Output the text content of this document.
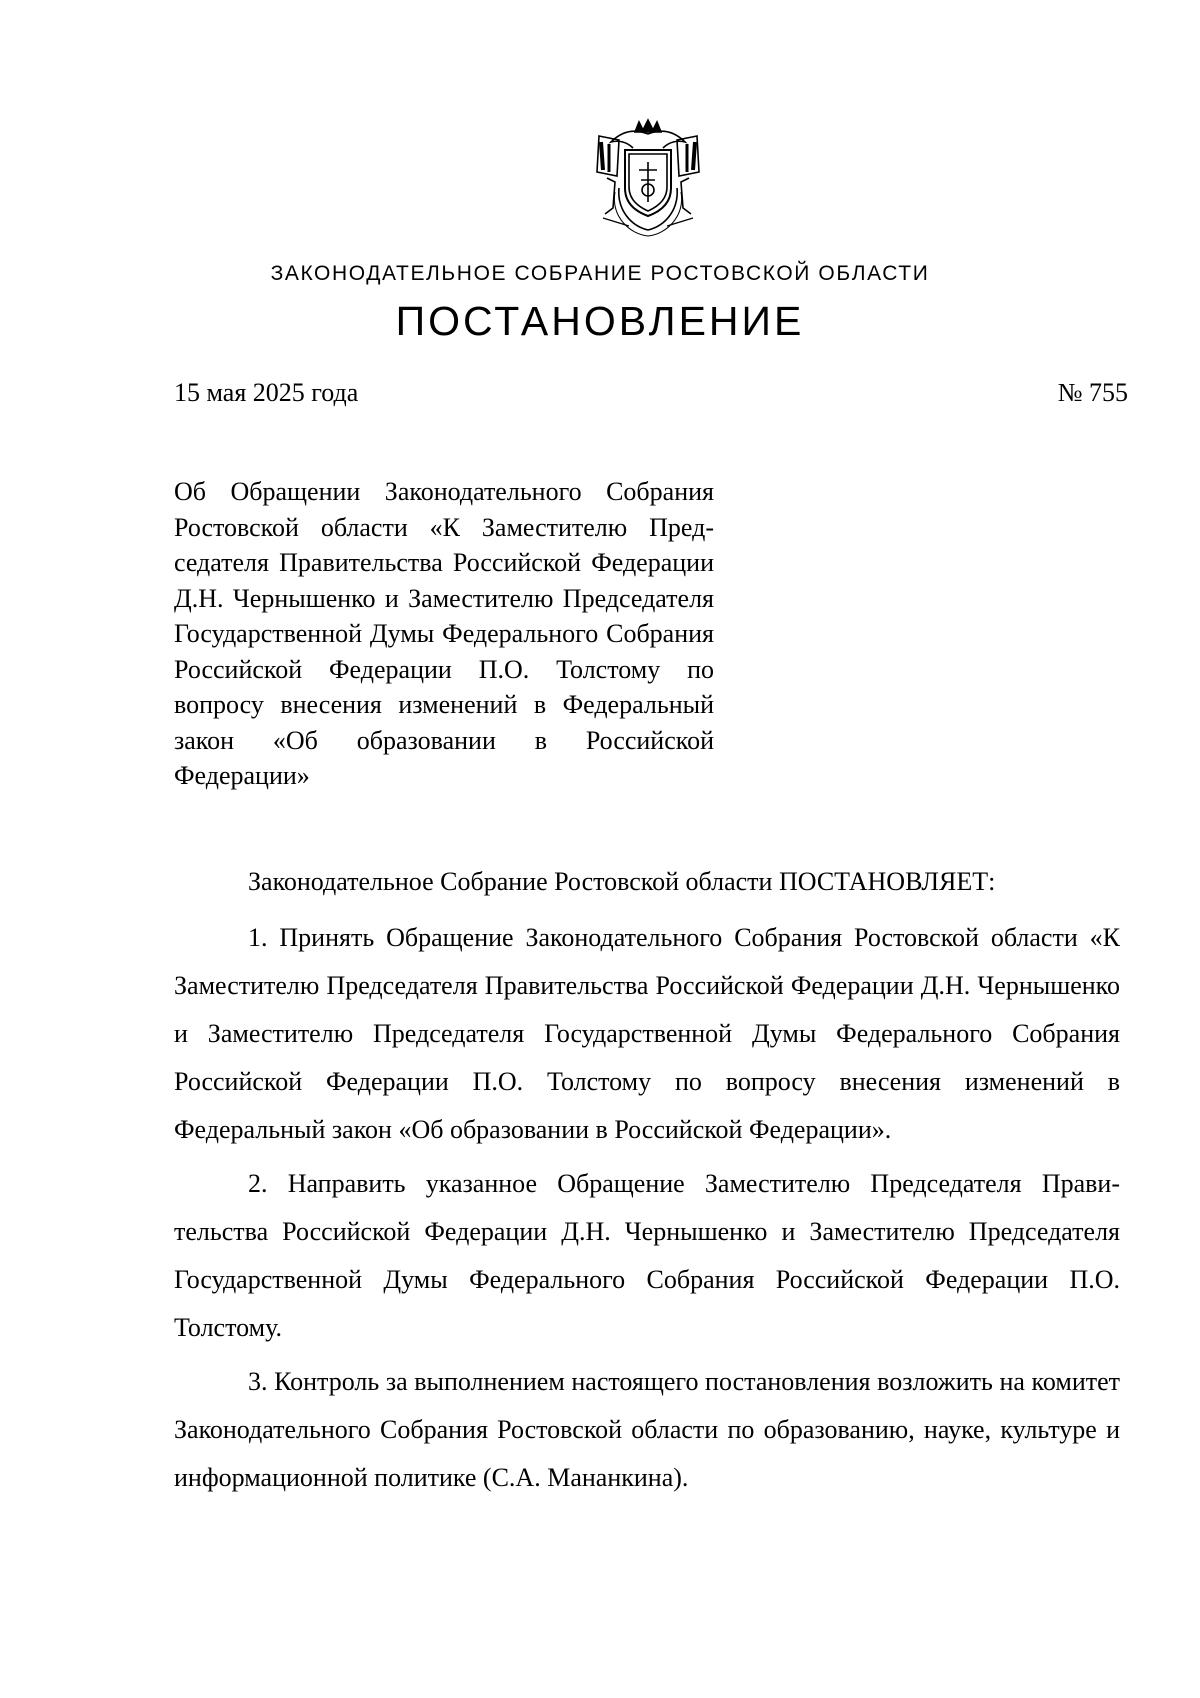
ЗАКОНОДАТЕЛЬНОЕ СОБРАНИЕ РОСТОВСКОЙ ОБЛАСТИ
ПОСТАНОВЛЕНИЕ
15 мая 2025 года	№ 755
Об Обращении Законодательного Собрания Ростовской области «К Заместителю Председателя Правительства Российской Федерации Д.Н. Чернышенко и Заместителю Председателя Государственной Думы Федерального Собрания Российской Федерации П.О. Толстому по вопросу внесения изменений в Федеральный закон «Об образовании в Российской Федерации»

Законодательное Собрание Ростовской области ПОСТАНОВЛЯЕТ:

1. Принять Обращение Законодательного Собрания Ростовской области «К Заместителю Председателя Правительства Российской Федерации Д.Н. Чернышенко и Заместителю Председателя Государственной Думы Федерального Собрания Российской Федерации П.О. Толстому по вопросу внесения изменений в Федеральный закон «Об образовании в Российской Федерации».

2. Направить указанное Обращение Заместителю Председателя Правительства Российской Федерации Д.Н. Чернышенко и Заместителю Председателя Государственной Думы Федерального Собрания Российской Федерации П.О. Толстому.

3. Контроль за выполнением настоящего постановления возложить на комитет Законодательного Собрания Ростовской области по образованию, науке, культуре и информационной политике (С.А. Мананкина).
